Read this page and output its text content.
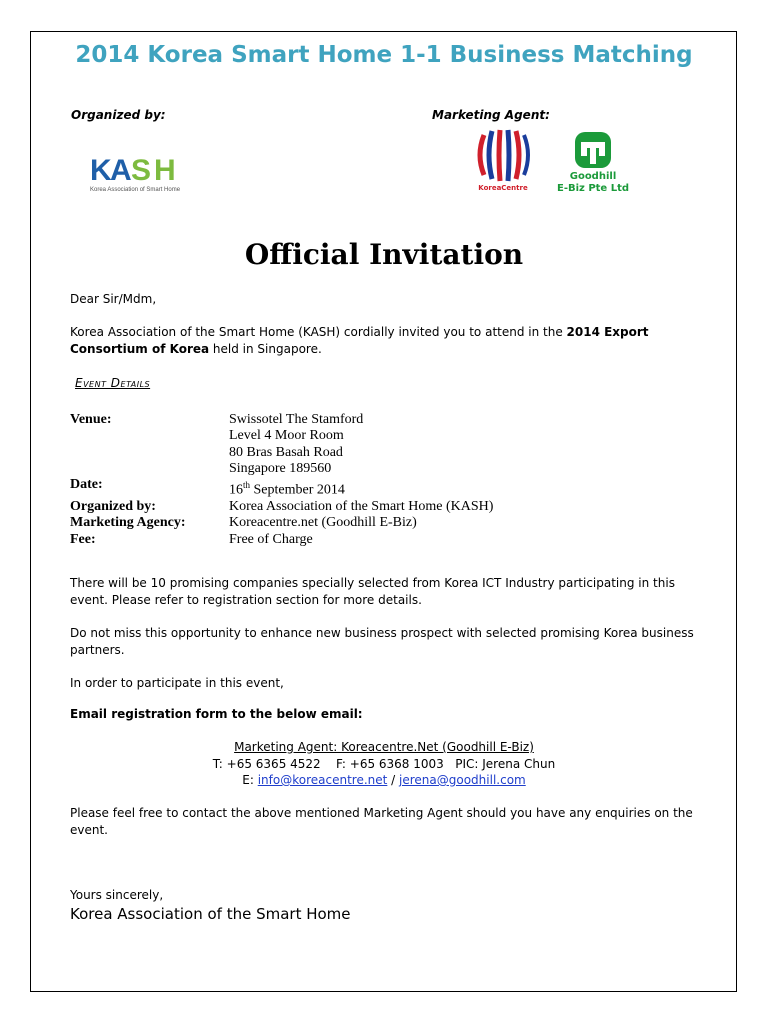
2014 Korea Smart Home 1-1 Business Matching
Organized by:	Marketing Agent:
K A S H
Korea Association of Smart Home	KoreaCentre
Goodhill
E-Biz Pte Ltd
Official Invitation
Dear Sir/Mdm,
Korea Association of the Smart Home (KASH) cordially invited you to attend in the 2014 Export Consortium of Korea held in Singapore.
Event Details
Venue:	Swissotel The Stamford
Level 4 Moor Room
80 Bras Basah Road
Singapore 189560
Date:	16th September 2014
Organized by:	Korea Association of the Smart Home (KASH)
Marketing Agency:	Koreacentre.net (Goodhill E-Biz)
Fee:	Free of Charge
There will be 10 promising companies specially selected from Korea ICT Industry participating in this event. Please refer to registration section for more details.
Do not miss this opportunity to enhance new business prospect with selected promising Korea business partners.
In order to participate in this event,
Email registration form to the below email:
Marketing Agent: Koreacentre.Net (Goodhill E-Biz)
T: +65 6365 4522    F: +65 6368 1003   PIC: Jerena Chun
E: info@koreacentre.net / jerena@goodhill.com
Please feel free to contact the above mentioned Marketing Agent should you have any enquiries on the event.
Yours sincerely,
Korea Association of the Smart Home
